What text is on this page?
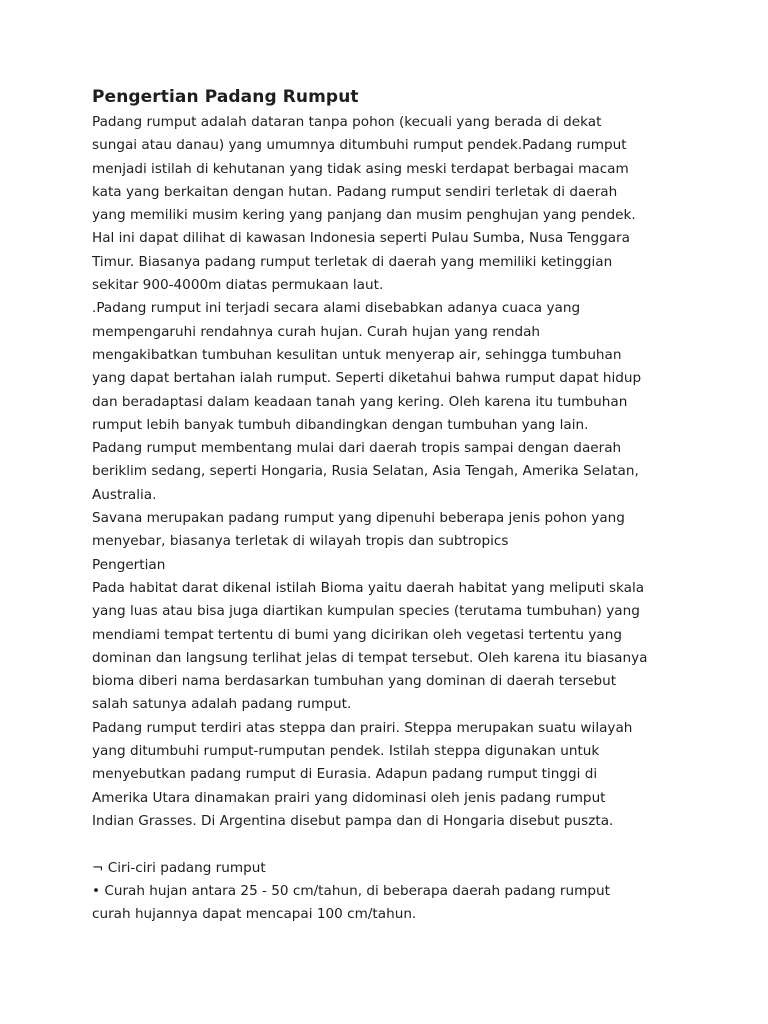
Pengertian Padang Rumput

Padang rumput adalah dataran tanpa pohon (kecuali yang berada di dekat
sungai atau danau) yang umumnya ditumbuhi rumput pendek.Padang rumput
menjadi istilah di kehutanan yang tidak asing meski terdapat berbagai macam
kata yang berkaitan dengan hutan. Padang rumput sendiri terletak di daerah
yang memiliki musim kering yang panjang dan musim penghujan yang pendek.
Hal ini dapat dilihat di kawasan Indonesia seperti Pulau Sumba, Nusa Tenggara
Timur. Biasanya padang rumput terletak di daerah yang memiliki ketinggian
sekitar 900-4000m diatas permukaan laut.

.Padang rumput ini terjadi secara alami disebabkan adanya cuaca yang
mempengaruhi rendahnya curah hujan. Curah hujan yang rendah
mengakibatkan tumbuhan kesulitan untuk menyerap air, sehingga tumbuhan
yang dapat bertahan ialah rumput. Seperti diketahui bahwa rumput dapat hidup
dan beradaptasi dalam keadaan tanah yang kering. Oleh karena itu tumbuhan
rumput lebih banyak tumbuh dibandingkan dengan tumbuhan yang lain.

Padang rumput membentang mulai dari daerah tropis sampai dengan daerah
beriklim sedang, seperti Hongaria, Rusia Selatan, Asia Tengah, Amerika Selatan,
Australia.

Savana merupakan padang rumput yang dipenuhi beberapa jenis pohon yang
menyebar, biasanya terletak di wilayah tropis dan subtropics

Pengertian

Pada habitat darat dikenal istilah Bioma yaitu daerah habitat yang meliputi skala
yang luas atau bisa juga diartikan kumpulan species (terutama tumbuhan) yang
mendiami tempat tertentu di bumi yang dicirikan oleh vegetasi tertentu yang
dominan dan langsung terlihat jelas di tempat tersebut. Oleh karena itu biasanya
bioma diberi nama berdasarkan tumbuhan yang dominan di daerah tersebut
salah satunya adalah padang rumput.

Padang rumput terdiri atas steppa dan prairi. Steppa merupakan suatu wilayah
yang ditumbuhi rumput-rumputan pendek. Istilah steppa digunakan untuk
menyebutkan padang rumput di Eurasia. Adapun padang rumput tinggi di
Amerika Utara dinamakan prairi yang didominasi oleh jenis padang rumput
Indian Grasses. Di Argentina disebut pampa dan di Hongaria disebut puszta.

¬ Ciri-ciri padang rumput

• Curah hujan antara 25 - 50 cm/tahun, di beberapa daerah padang rumput
curah hujannya dapat mencapai 100 cm/tahun.
